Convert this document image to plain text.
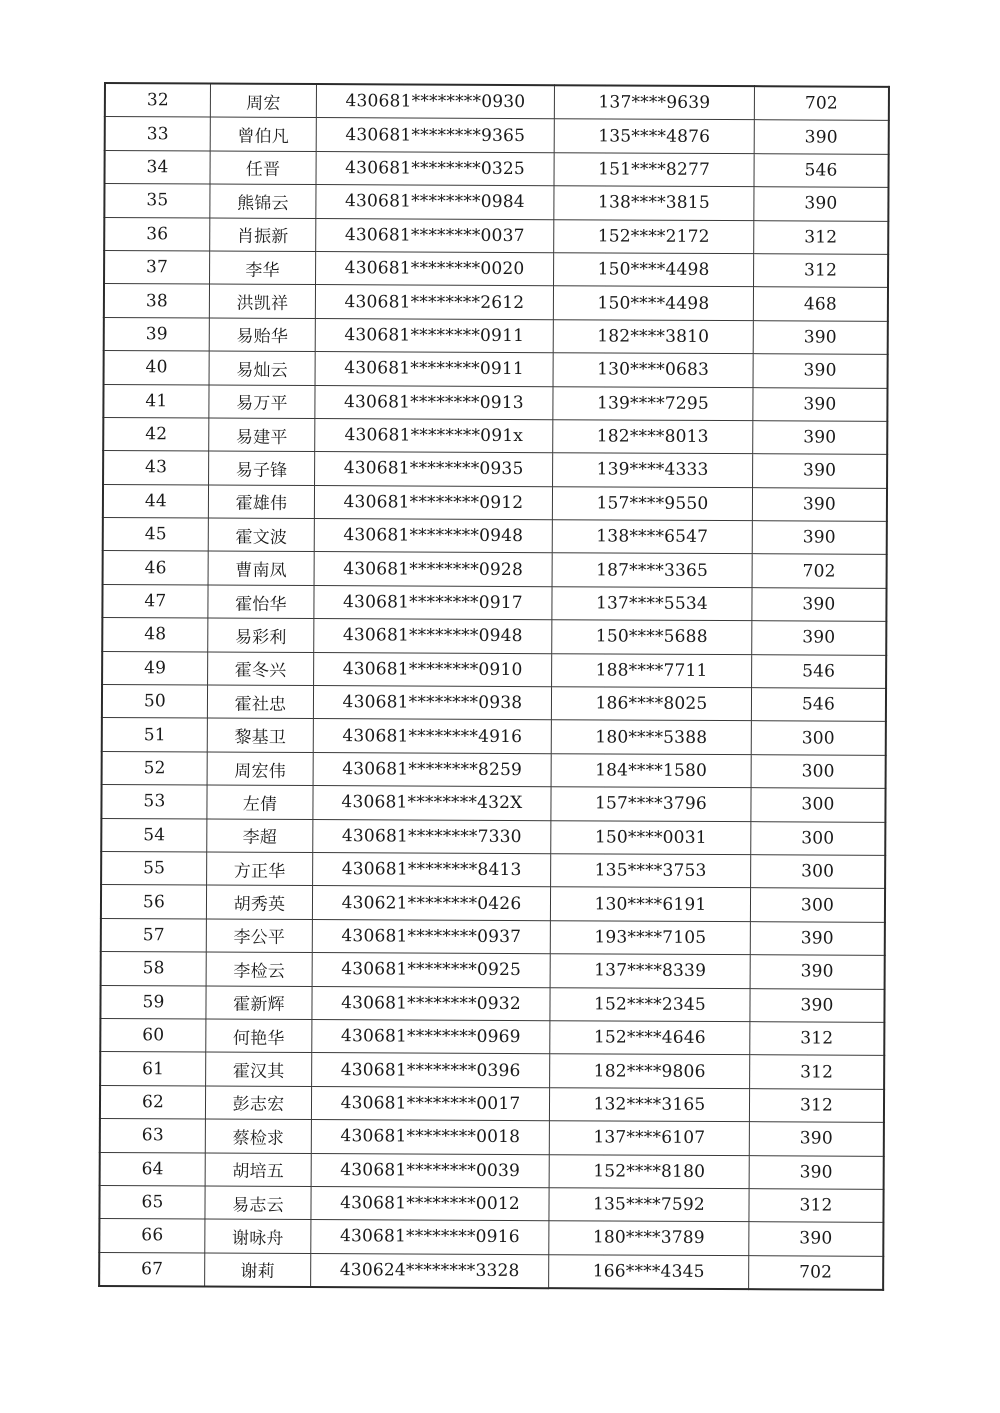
32	周宏	430681********0930	137****9639	702
33	曾伯凡	430681********9365	135****4876	390
34	任晋	430681********0325	151****8277	546
35	熊锦云	430681********0984	138****3815	390
36	肖振新	430681********0037	152****2172	312
37	李华	430681********0020	150****4498	312
38	洪凯祥	430681********2612	150****4498	468
39	易贻华	430681********0911	182****3810	390
40	易灿云	430681********0911	130****0683	390
41	易万平	430681********0913	139****7295	390
42	易建平	430681********091x	182****8013	390
43	易子锋	430681********0935	139****4333	390
44	霍雄伟	430681********0912	157****9550	390
45	霍文波	430681********0948	138****6547	390
46	曹南凤	430681********0928	187****3365	702
47	霍怡华	430681********0917	137****5534	390
48	易彩利	430681********0948	150****5688	390
49	霍冬兴	430681********0910	188****7711	546
50	霍社忠	430681********0938	186****8025	546
51	黎基卫	430681********4916	180****5388	300
52	周宏伟	430681********8259	184****1580	300
53	左倩	430681********432X	157****3796	300
54	李超	430681********7330	150****0031	300
55	方正华	430681********8413	135****3753	300
56	胡秀英	430621********0426	130****6191	300
57	李公平	430681********0937	193****7105	390
58	李检云	430681********0925	137****8339	390
59	霍新辉	430681********0932	152****2345	390
60	何艳华	430681********0969	152****4646	312
61	霍汉其	430681********0396	182****9806	312
62	彭志宏	430681********0017	132****3165	312
63	蔡检求	430681********0018	137****6107	390
64	胡培五	430681********0039	152****8180	390
65	易志云	430681********0012	135****7592	312
66	谢咏舟	430681********0916	180****3789	390
67	谢莉	430624********3328	166****4345	702
